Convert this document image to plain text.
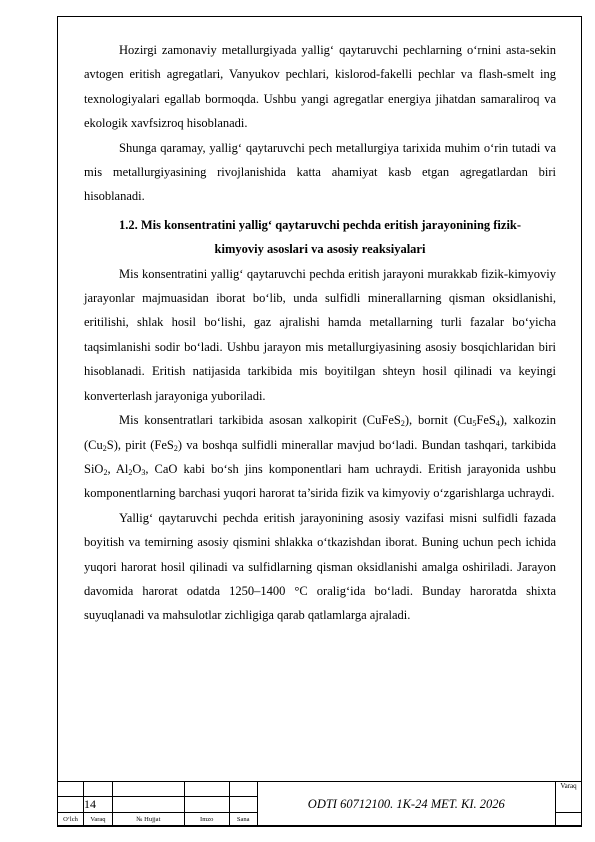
Hozirgi zamonaviy metallurgiyada yallig‘ qaytaruvchi pechlarning o‘rnini asta-sekin avtogen eritish agregatlari, Vanyukov pechlari, kislorod-fakelli pechlar va flash-smelt ing texnologiyalari egallab bormoqda. Ushbu yangi agregatlar energiya jihatdan samaraliroq va ekologik xavfsizroq hisoblanadi.

Shunga qaramay, yallig‘ qaytaruvchi pech metallurgiya tarixida muhim o‘rin tutadi va mis metallurgiyasining rivojlanishida katta ahamiyat kasb etgan agregatlardan biri hisoblanadi.

1.2. Mis konsentratini yallig‘ qaytaruvchi pechda eritish jarayonining fizik-
kimyoviy asoslari va asosiy reaksiyalari

Mis konsentratini yallig‘ qaytaruvchi pechda eritish jarayoni murakkab fizik-kimyoviy jarayonlar majmuasidan iborat bo‘lib, unda sulfidli minerallarning qisman oksidlanishi, eritilishi, shlak hosil bo‘lishi, gaz ajralishi hamda metallarning turli fazalar bo‘yicha taqsimlanishi sodir bo‘ladi. Ushbu jarayon mis metallurgiyasining asosiy bosqichlaridan biri hisoblanadi. Eritish natijasida tarkibida mis boyitilgan shteyn hosil qilinadi va keyingi konverterlash jarayoniga yuboriladi.

Mis konsentratlari tarkibida asosan xalkopirit (CuFeS$_2$), bornit $(Cu_5FeS_4)$, xalkozin $(Cu_2S)$, pirit (FeS$_2$) va boshqa sulfidli minerallar mavjud bo‘ladi. Bundan tashqari, tarkibida SiO$_2$, $Al_2O_3$, CaO kabi bo‘sh jins komponentlari ham uchraydi. Eritish jarayonida ushbu komponentlarning barchasi yuqori harorat ta’sirida fizik va kimyoviy o‘zgarishlarga uchraydi.

Yallig‘ qaytaruvchi pechda eritish jarayonining asosiy vazifasi misni sulfidli fazada boyitish va temirning asosiy qismini shlakka o‘tkazishdan iborat. Buning uchun pech ichida yuqori harorat hosil qilinadi va sulfidlarning qisman oksidlanishi amalga oshiriladi. Jarayon davomida harorat odatda 1250–1400 °C oralig‘ida bo‘ladi. Bunday haroratda shixta suyuqlanadi va mahsulotlar zichligiga qarab qatlamlarga ajraladi.

					ODTI 60712100. 1K-24 MET. KI. 2026	Varaq
	14					
O‘lch	Varaq	№ Hujjat	Imzo	Sana		
